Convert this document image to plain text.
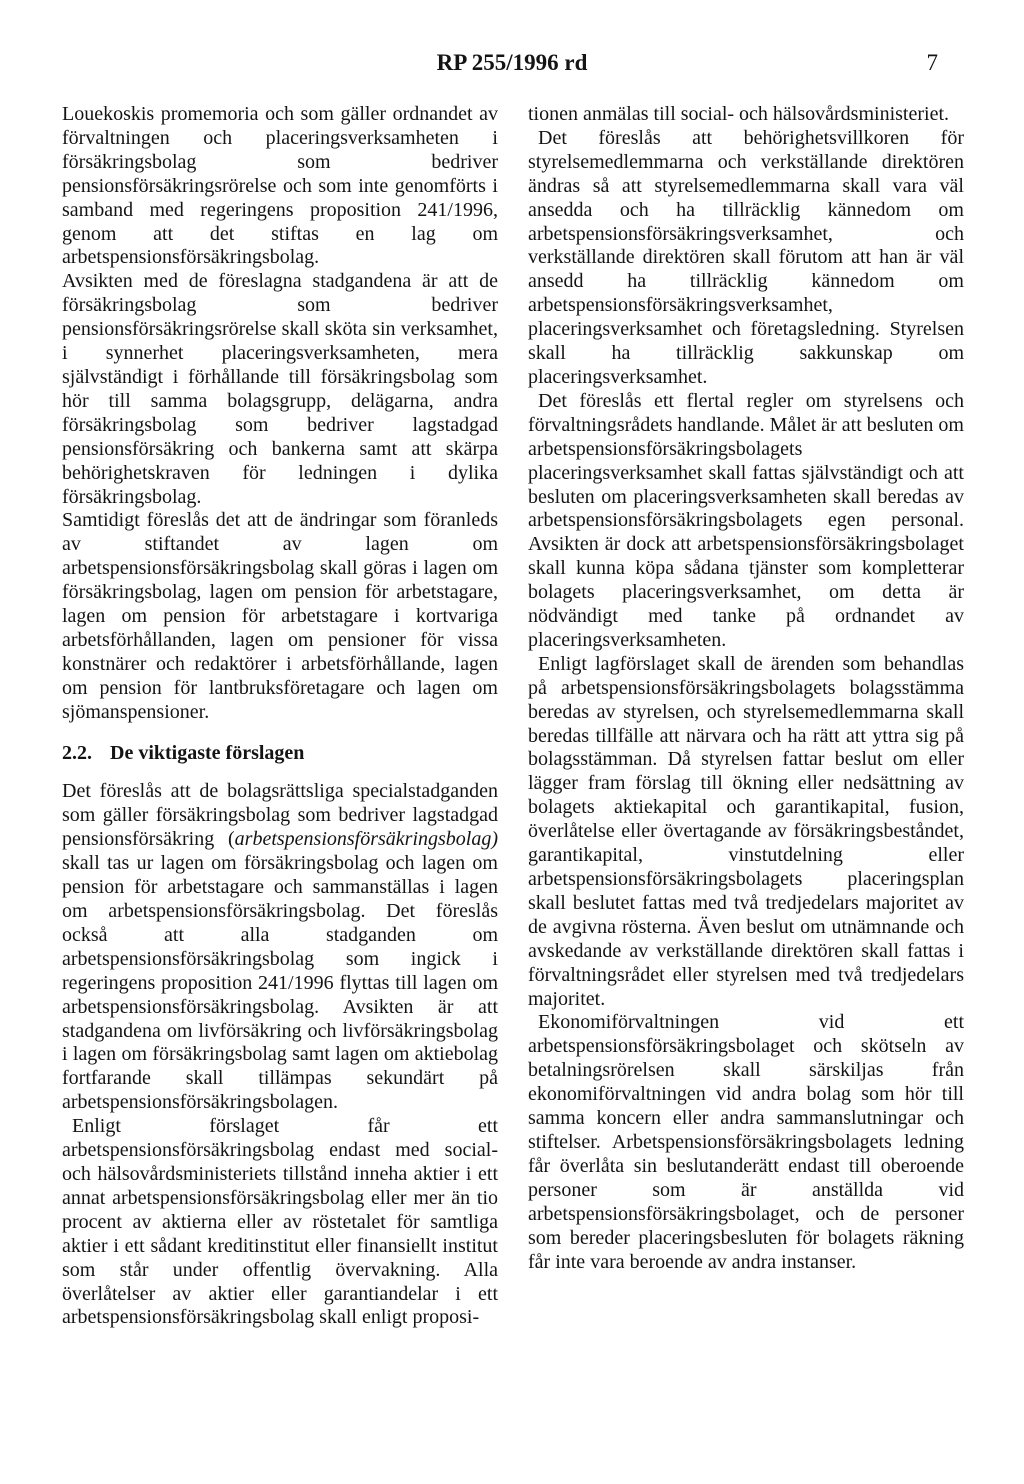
RP 255/1996 rd	7

Louekoskis promemoria och som gäller ordnandet av förvaltningen och placeringsverksamheten i försäkringsbolag som bedriver pensionsförsäkringsrörelse och som inte genomförts i samband med regeringens proposition 241/1996, genom att det stiftas en lag om arbetspensionsförsäkringsbolag.

Avsikten med de föreslagna stadgandena är att de försäkringsbolag som bedriver pensionsförsäkringsrörelse skall sköta sin verksamhet, i synnerhet placeringsverksamheten, mera självständigt i förhållande till försäkringsbolag som hör till samma bolagsgrupp, delägarna, andra försäkringsbolag som bedriver lagstadgad pensionsförsäkring och bankerna samt att skärpa behörighetskraven för ledningen i dylika försäkringsbolag.

Samtidigt föreslås det att de ändringar som föranleds av stiftandet av lagen om arbetspensionsförsäkringsbolag skall göras i lagen om försäkringsbolag, lagen om pension för arbetstagare, lagen om pension för arbetstagare i kortvariga arbetsförhållanden, lagen om pensioner för vissa konstnärer och redaktörer i arbetsförhållande, lagen om pension för lantbruksföretagare och lagen om sjömanspensioner.

2.2. De viktigaste förslagen

Det föreslås att de bolagsrättsliga specialstadganden som gäller försäkringsbolag som bedriver lagstadgad pensionsförsäkring (arbetspensionsförsäkringsbolag) skall tas ur lagen om försäkringsbolag och lagen om pension för arbetstagare och sammanställas i lagen om arbetspensionsförsäkringsbolag. Det föreslås också att alla stadganden om arbetspensionsförsäkringsbolag som ingick i regeringens proposition 241/1996 flyttas till lagen om arbetspensionsförsäkringsbolag. Avsikten är att stadgandena om livförsäkring och livförsäkringsbolag i lagen om försäkringsbolag samt lagen om aktiebolag fortfarande skall tillämpas sekundärt på arbetspensionsförsäkringsbolagen.

Enligt förslaget får ett arbetspensionsförsäkringsbolag endast med social- och hälsovårdsministeriets tillstånd inneha aktier i ett annat arbetspensionsförsäkringsbolag eller mer än tio procent av aktierna eller av röstetalet för samtliga aktier i ett sådant kreditinstitut eller finansiellt institut som står under offentlig övervakning. Alla överlåtelser av aktier eller garantiandelar i ett arbetspensionsförsäkringsbolag skall enligt proposi-

tionen anmälas till social- och hälsovårdsministeriet.

Det föreslås att behörighetsvillkoren för styrelsemedlemmarna och verkställande direktören ändras så att styrelsemedlemmarna skall vara väl ansedda och ha tillräcklig kännedom om arbetspensionsförsäkringsverksamhet, och verkställande direktören skall förutom att han är väl ansedd ha tillräcklig kännedom om arbetspensionsförsäkringsverksamhet, placeringsverksamhet och företagsledning. Styrelsen skall ha tillräcklig sakkunskap om placeringsverksamhet.

Det föreslås ett flertal regler om styrelsens och förvaltningsrådets handlande. Målet är att besluten om arbetspensionsförsäkringsbolagets placeringsverksamhet skall fattas självständigt och att besluten om placeringsverksamheten skall beredas av arbetspensionsförsäkringsbolagets egen personal. Avsikten är dock att arbetspensionsförsäkringsbolaget skall kunna köpa sådana tjänster som kompletterar bolagets placeringsverksamhet, om detta är nödvändigt med tanke på ordnandet av placeringsverksamheten.

Enligt lagförslaget skall de ärenden som behandlas på arbetspensionsförsäkringsbolagets bolagsstämma beredas av styrelsen, och styrelsemedlemmarna skall beredas tillfälle att närvara och ha rätt att yttra sig på bolagsstämman. Då styrelsen fattar beslut om eller lägger fram förslag till ökning eller nedsättning av bolagets aktiekapital och garantikapital, fusion, överlåtelse eller övertagande av försäkringsbeståndet, garantikapital, vinstutdelning eller arbetspensionsförsäkringsbolagets placeringsplan skall beslutet fattas med två tredjedelars majoritet av de avgivna rösterna. Även beslut om utnämnande och avskedande av verkställande direktören skall fattas i förvaltningsrådet eller styrelsen med två tredjedelars majoritet.

Ekonomiförvaltningen vid ett arbetspensionsförsäkringsbolaget och skötseln av betalningsrörelsen skall särskiljas från ekonomiförvaltningen vid andra bolag som hör till samma koncern eller andra sammanslutningar och stiftelser. Arbetspensionsförsäkringsbolagets ledning får överlåta sin beslutanderätt endast till oberoende personer som är anställda vid arbetspensionsförsäkringsbolaget, och de personer som bereder placeringsbesluten för bolagets räkning får inte vara beroende av andra instanser.
